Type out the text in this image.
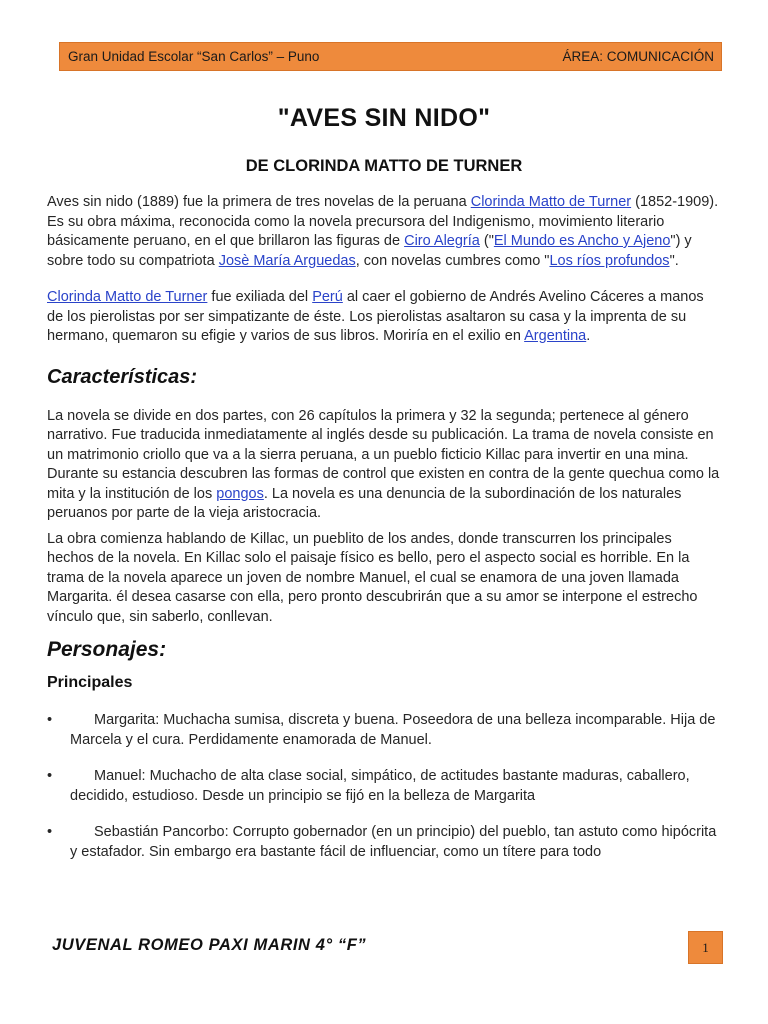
Gran Unidad Escolar “San Carlos” – Puno	ÁREA: COMUNICACIÓN
"AVES SIN NIDO"
DE CLORINDA MATTO DE TURNER

Aves sin nido (1889) fue la primera de tres novelas de la peruana Clorinda Matto de Turner (1852-1909). Es su obra máxima, reconocida como la novela precursora del Indigenismo, movimiento literario básicamente peruano, en el que brillaron las figuras de Ciro Alegría ("El Mundo es Ancho y Ajeno") y sobre todo su compatriota Josè María Arguedas, con novelas cumbres como "Los ríos profundos".

Clorinda Matto de Turner fue exiliada del Perú al caer el gobierno de Andrés Avelino Cáceres a manos de los pierolistas por ser simpatizante de éste. Los pierolistas asaltaron su casa y la imprenta de su hermano, quemaron su efigie y varios de sus libros. Moriría en el exilio en Argentina.

Características:

La novela se divide en dos partes, con 26 capítulos la primera y 32 la segunda; pertenece al género narrativo. Fue traducida inmediatamente al inglés desde su publicación. La trama de novela consiste en un matrimonio criollo que va a la sierra peruana, a un pueblo ficticio Killac para invertir en una mina. Durante su estancia descubren las formas de control que existen en contra de la gente quechua como la mita y la institución de los pongos. La novela es una denuncia de la subordinación de los naturales peruanos por parte de la vieja aristocracia.

La obra comienza hablando de Killac, un pueblito de los andes, donde transcurren los principales hechos de la novela. En Killac solo el paisaje físico es bello, pero el aspecto social es horrible. En la trama de la novela aparece un joven de nombre Manuel, el cual se enamora de una joven llamada Margarita. él desea casarse con ella, pero pronto descubrirán que a su amor se interpone el estrecho vínculo que, sin saberlo, conllevan.

Personajes:
Principales
•	Margarita: Muchacha sumisa, discreta y buena. Poseedora de una belleza incomparable. Hija de Marcela y el cura. Perdidamente enamorada de Manuel.
•	Manuel: Muchacho de alta clase social, simpático, de actitudes bastante maduras, caballero, decidido, estudioso. Desde un principio se fijó en la belleza de Margarita
•	Sebastián Pancorbo: Corrupto gobernador (en un principio) del pueblo, tan astuto como hipócrita y estafador. Sin embargo era bastante fácil de influenciar, como un títere para todo
JUVENAL ROMEO PAXI MARIN 4° “F”	1
